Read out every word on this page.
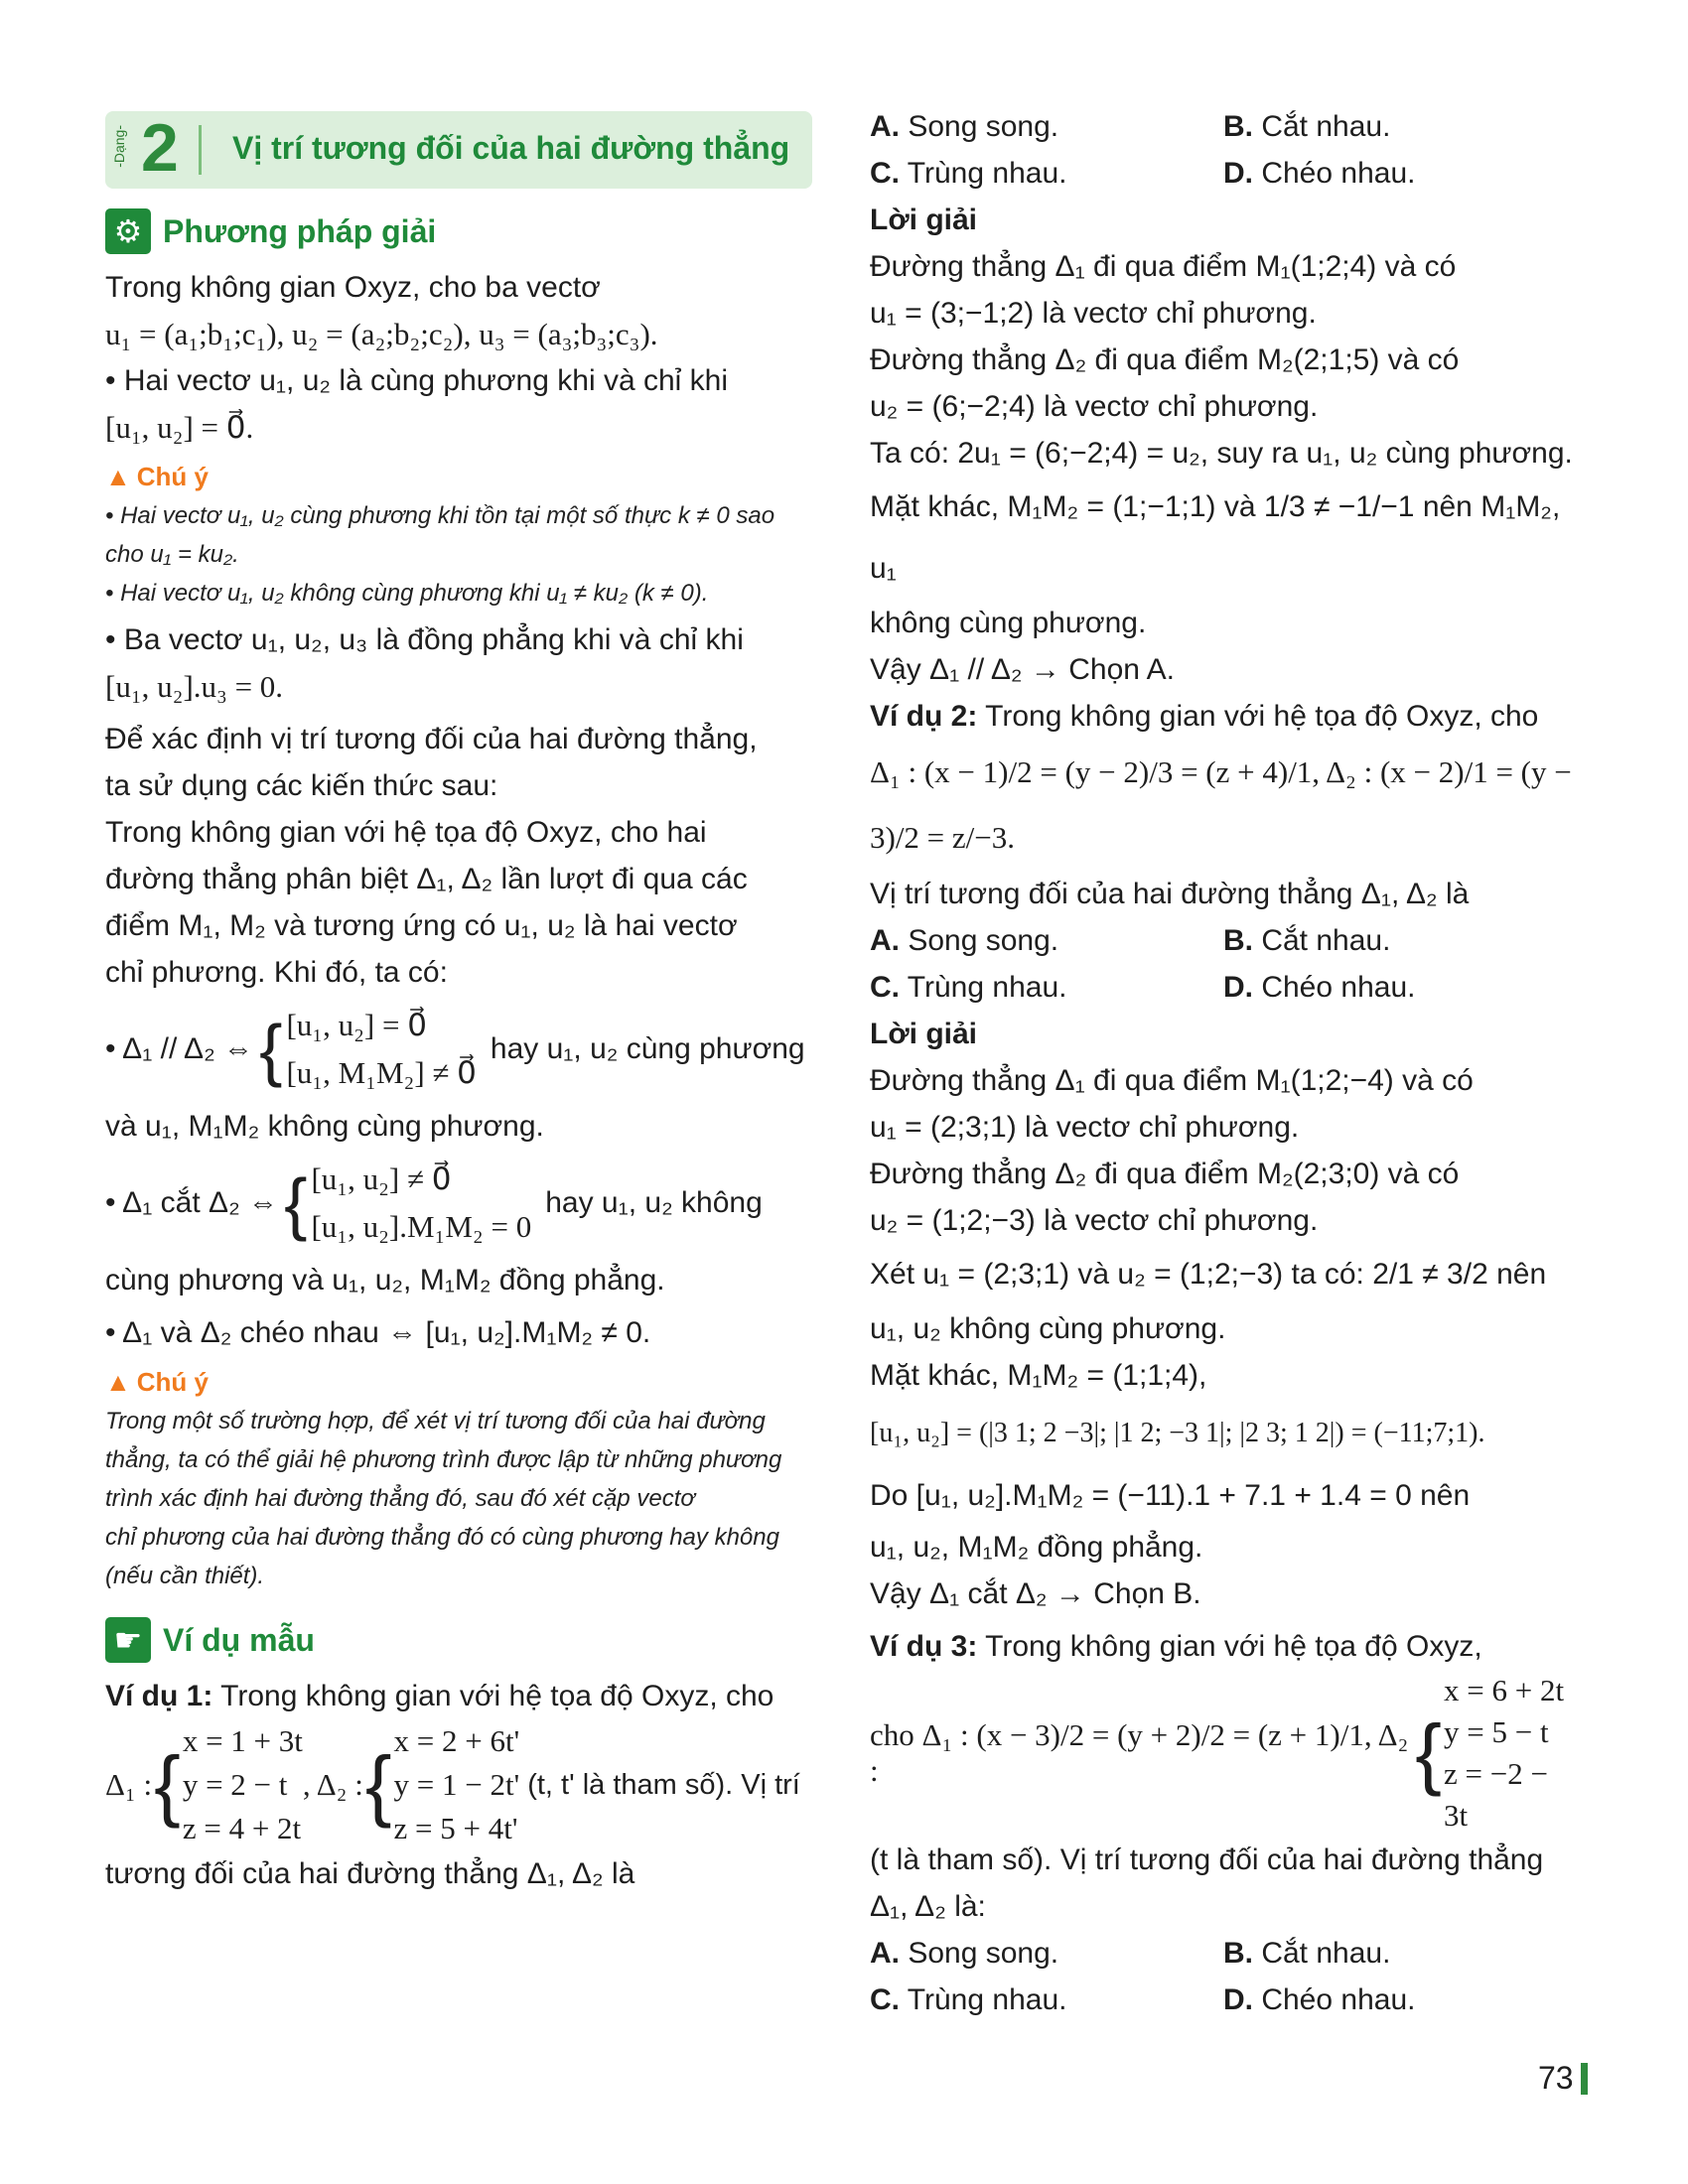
-Dạng- 2 Vị trí tương đối của hai đường thẳng
⚙ Phương pháp giải

Trong không gian Oxyz, cho ba vectơ

u₁ = (a₁;b₁;c₁), u₂ = (a₂;b₂;c₂), u₃ = (a₃;b₃;c₃).

• Hai vectơ u₁, u₂ là cùng phương khi và chỉ khi

[u₁, u₂] = 0⃗.

▲ Chú ý

• Hai vectơ u₁, u₂ cùng phương khi tồn tại một số thực k ≠ 0 sao

cho u₁ = ku₂.

• Hai vectơ u₁, u₂ không cùng phương khi u₁ ≠ ku₂ (k ≠ 0).

• Ba vectơ u₁, u₂, u₃ là đồng phẳng khi và chỉ khi

[u₁, u₂].u₃ = 0.

Để xác định vị trí tương đối của hai đường thẳng,

ta sử dụng các kiến thức sau:

Trong không gian với hệ tọa độ Oxyz, cho hai

đường thẳng phân biệt Δ₁, Δ₂ lần lượt đi qua các

điểm M₁, M₂ và tương ứng có u₁, u₂ là hai vectơ

chỉ phương. Khi đó, ta có:

• Δ₁ // Δ₂ ⇔ { [u₁, u₂] = 0⃗
[u₁, M₁M₂] ≠ 0⃗
hay u₁, u₂ cùng phương

và u₁, M₁M₂ không cùng phương.

• Δ₁ cắt Δ₂ ⇔ { [u₁, u₂] ≠ 0⃗
[u₁, u₂].M₁M₂ = 0
hay u₁, u₂ không

cùng phương và u₁, u₂, M₁M₂ đồng phẳng.

• Δ₁ và Δ₂ chéo nhau ⇔ [u₁, u₂].M₁M₂ ≠ 0.

▲ Chú ý

Trong một số trường hợp, để xét vị trí tương đối của hai đường

thẳng, ta có thể giải hệ phương trình được lập từ những phương

trình xác định hai đường thẳng đó, sau đó xét cặp vectơ

chỉ phương của hai đường thẳng đó có cùng phương hay không

(nếu cần thiết).

☛ Ví dụ mẫu

Ví dụ 1: Trong không gian với hệ tọa độ Oxyz, cho

Δ₁ : { x = 1 + 3t
y = 2 − t
z = 4 + 2t
, Δ₂ : { x = 2 + 6t'
y = 1 − 2t'
z = 5 + 4t'
(t, t' là tham số). Vị trí

tương đối của hai đường thẳng Δ₁, Δ₂ là

A. Song song.	B. Cắt nhau.
C. Trùng nhau.	D. Chéo nhau.

Lời giải

Đường thẳng Δ₁ đi qua điểm M₁(1;2;4) và có

u₁ = (3;−1;2) là vectơ chỉ phương.

Đường thẳng Δ₂ đi qua điểm M₂(2;1;5) và có

u₂ = (6;−2;4) là vectơ chỉ phương.

Ta có: 2u₁ = (6;−2;4) = u₂, suy ra u₁, u₂ cùng phương.

Mặt khác, M₁M₂ = (1;−1;1) và 1/3 ≠ −1/−1 nên M₁M₂, u₁

không cùng phương.

Vậy Δ₁ // Δ₂ → Chọn A.

Ví dụ 2: Trong không gian với hệ tọa độ Oxyz, cho

Δ₁ : (x − 1)/2 = (y − 2)/3 = (z + 4)/1, Δ₂ : (x − 2)/1 = (y − 3)/2 = z/−3.

Vị trí tương đối của hai đường thẳng Δ₁, Δ₂ là

A. Song song.	B. Cắt nhau.
C. Trùng nhau.	D. Chéo nhau.

Lời giải

Đường thẳng Δ₁ đi qua điểm M₁(1;2;−4) và có

u₁ = (2;3;1) là vectơ chỉ phương.

Đường thẳng Δ₂ đi qua điểm M₂(2;3;0) và có

u₂ = (1;2;−3) là vectơ chỉ phương.

Xét u₁ = (2;3;1) và u₂ = (1;2;−3) ta có: 2/1 ≠ 3/2 nên

u₁, u₂ không cùng phương.

Mặt khác, M₁M₂ = (1;1;4),

[u₁, u₂] = (|3 1; 2 −3|; |1 2; −3 1|; |2 3; 1 2|) = (−11;7;1).

Do [u₁, u₂].M₁M₂ = (−11).1 + 7.1 + 1.4 = 0 nên

u₁, u₂, M₁M₂ đồng phẳng.

Vậy Δ₁ cắt Δ₂ → Chọn B.

Ví dụ 3: Trong không gian với hệ tọa độ Oxyz,

cho Δ₁ : (x − 3)/2 = (y + 2)/2 = (z + 1)/1, Δ₂ :	{
x = 6 + 2t
y = 5 − t
z = −2 − 3t

(t là tham số). Vị trí tương đối của hai đường thẳng

Δ₁, Δ₂ là:

A. Song song.	B. Cắt nhau.
C. Trùng nhau.	D. Chéo nhau.
73
